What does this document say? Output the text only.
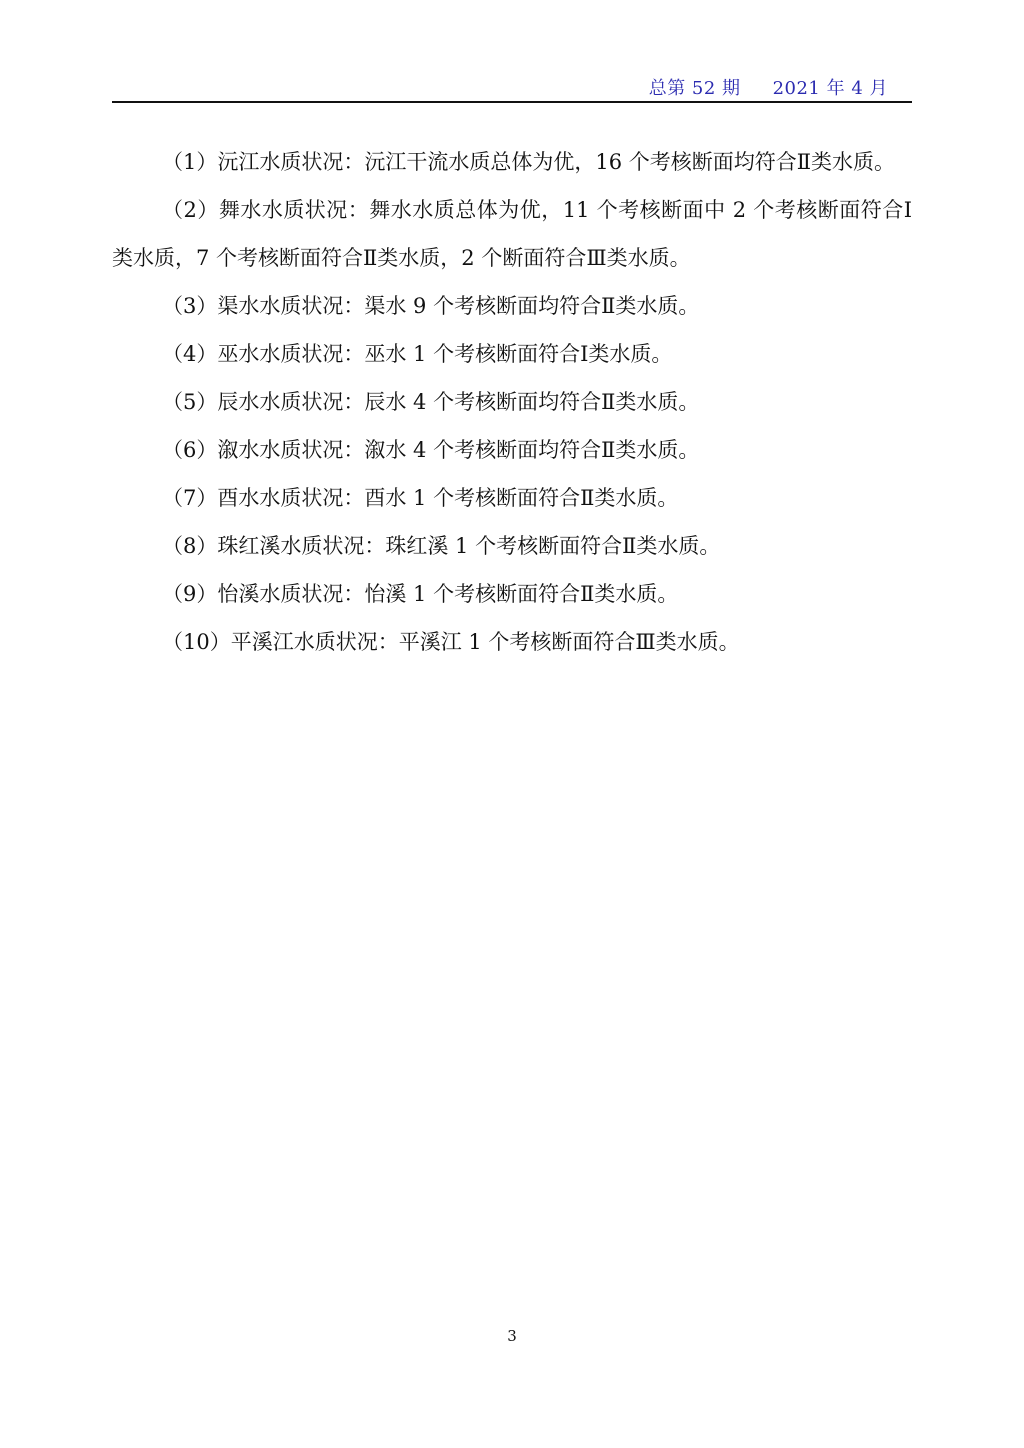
总第 52 期 2021 年 4 月

（1）沅江水质状况：沅江干流水质总体为优，16 个考核断面均符合Ⅱ类水质。

（2）舞水水质状况：舞水水质总体为优，11 个考核断面中 2 个考核断面符合Ⅰ类水质，7 个考核断面符合Ⅱ类水质，2 个断面符合Ⅲ类水质。

（3）渠水水质状况：渠水 9 个考核断面均符合Ⅱ类水质。

（4）巫水水质状况：巫水 1 个考核断面符合Ⅰ类水质。

（5）辰水水质状况：辰水 4 个考核断面均符合Ⅱ类水质。

（6）溆水水质状况：溆水 4 个考核断面均符合Ⅱ类水质。

（7）酉水水质状况：酉水 1 个考核断面符合Ⅱ类水质。

（8）珠红溪水质状况：珠红溪 1 个考核断面符合Ⅱ类水质。

（9）怡溪水质状况：怡溪 1 个考核断面符合Ⅱ类水质。

（10）平溪江水质状况：平溪江 1 个考核断面符合Ⅲ类水质。

3
